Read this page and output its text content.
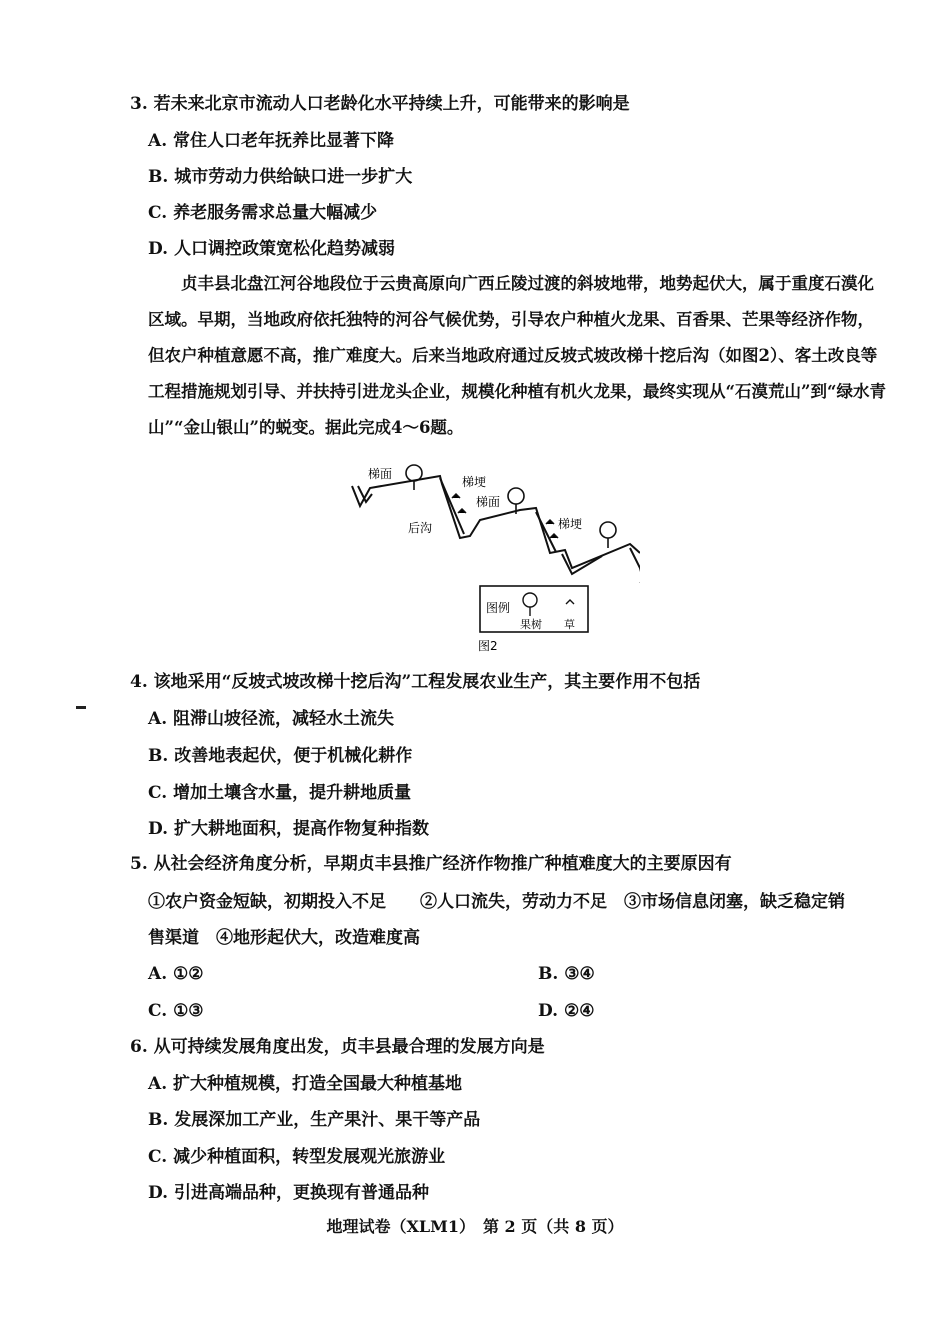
3. 若未来北京市流动人口老龄化水平持续上升，可能带来的影响是
A. 常住人口老年抚养比显著下降
B. 城市劳动力供给缺口进一步扩大
C. 养老服务需求总量大幅减少
D. 人口调控政策宽松化趋势减弱
贞丰县北盘江河谷地段位于云贵高原向广西丘陵过渡的斜坡地带，地势起伏大，属于重度石漠化区域。早期，当地政府依托独特的河谷气候优势，引导农户种植火龙果、百香果、芒果等经济作物，但农户种植意愿不高，推广难度大。后来当地政府通过反坡式坡改梯十挖后沟（如图2）、客土改良等工程措施规划引导、并扶持引进龙头企业，规模化种植有机火龙果，最终实现从“石漠荒山”到“绿水青山”“金山银山”的蜕变。据此完成4～6题。
梯面
梯埂
梯面
梯埂
后沟
图例
果树 草
图2
4. 该地采用“反坡式坡改梯十挖后沟”工程发展农业生产，其主要作用不包括
A. 阻滞山坡径流，减轻水土流失
B. 改善地表起伏，便于机械化耕作
C. 增加土壤含水量，提升耕地质量
D. 扩大耕地面积，提高作物复种指数
5. 从社会经济角度分析，早期贞丰县推广经济作物推广种植难度大的主要原因有
①农户资金短缺，初期投入不足　　②人口流失，劳动力不足　③市场信息闭塞，缺乏稳定销
售渠道　④地形起伏大，改造难度高
A. ①②	B. ③④
C. ①③	D. ②④
6. 从可持续发展角度出发，贞丰县最合理的发展方向是
A. 扩大种植规模，打造全国最大种植基地
B. 发展深加工产业，生产果汁、果干等产品
C. 减少种植面积，转型发展观光旅游业
D. 引进高端品种，更换现有普通品种
地理试卷（XLM1）　第 2 页（共 8 页）
